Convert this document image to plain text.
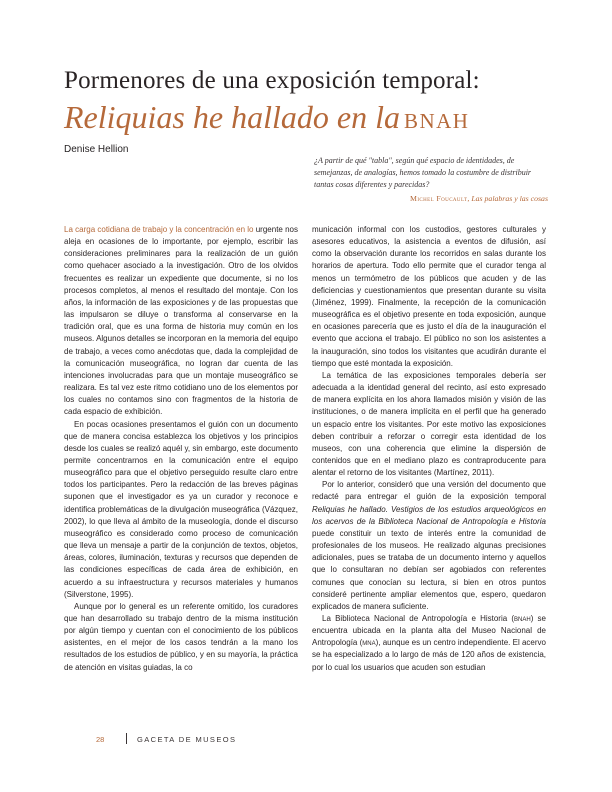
Pormenores de una exposición temporal:
Reliquias he hallado en la BNAH
Denise Hellion
¿A partir de qué "tabla", según qué espacio de identidades, de semejanzas, de analogías, hemos tomado la costumbre de distribuir tantas cosas diferentes y parecidas?
Michel Foucault, Las palabras y las cosas

La carga cotidiana de trabajo y la concentración en lo urgente nos aleja en ocasiones de lo importante, por ejemplo, escribir las consideraciones preliminares para la realización de un guión como quehacer asociado a la investigación. Otro de los olvidos frecuentes es realizar un expediente que documente, si no los procesos completos, al menos el resultado del montaje. Con los años, la información de las exposiciones y de las propuestas que las impulsaron se diluye o transforma al conservarse en la tradición oral, que es una forma de historia muy común en los museos. Algunos detalles se incorporan en la memoria del equipo de trabajo, a veces como anécdotas que, dada la complejidad de la comunicación museográfica, no logran dar cuenta de las intenciones involucradas para que un montaje museográfico se realizara. Es tal vez este ritmo cotidiano uno de los elementos por los cuales no contamos sino con fragmentos de la historia de cada espacio de exhibición.

En pocas ocasiones presentamos el guión con un documento que de manera concisa establezca los objetivos y los principios desde los cuales se realizó aquél y, sin embargo, este documento permite concentrarnos en la comunicación entre el equipo museográfico para que el objetivo perseguido resulte claro entre todos los participantes. Pero la redacción de las breves páginas suponen que el investigador es ya un curador y reconoce e identifica problemáticas de la divulgación museográfica (Vázquez, 2002), lo que lleva al ámbito de la museología, donde el discurso museográfico es considerado como proceso de comunicación que lleva un mensaje a partir de la conjunción de textos, objetos, áreas, colores, iluminación, texturas y recursos que dependen de las condiciones específicas de cada área de exhibición, en acuerdo a su infraestructura y recursos materiales y humanos (Silverstone, 1995).

Aunque por lo general es un referente omitido, los curadores que han desarrollado su trabajo dentro de la misma institución por algún tiempo y cuentan con el conocimiento de los públicos asistentes, en el mejor de los casos tendrán a la mano los resultados de los estudios de público, y en su mayoría, la práctica de atención en visitas guiadas, la co

municación informal con los custodios, gestores culturales y asesores educativos, la asistencia a eventos de difusión, así como la observación durante los recorridos en salas durante los horarios de apertura. Todo ello permite que el curador tenga al menos un termómetro de los públicos que acuden y de las deficiencias y cuestionamientos que presentan durante su visita (Jiménez, 1999). Finalmente, la recepción de la comunicación museográfica es el objetivo presente en toda exposición, aunque en ocasiones parecería que es justo el día de la inauguración el evento que acciona el trabajo. El público no son los asistentes a la inauguración, sino todos los visitantes que acudirán durante el tiempo que esté montada la exposición.

La temática de las exposiciones temporales debería ser adecuada a la identidad general del recinto, así esto expresado de manera explícita en los ahora llamados misión y visión de las instituciones, o de manera implícita en el perfil que ha generado un espacio entre los visitantes. Por este motivo las exposiciones deben contribuir a reforzar o corregir esta identidad de los museos, con una coherencia que elimine la dispersión de contenidos que en el mediano plazo es contraproducente para alentar el retorno de los visitantes (Martínez, 2011).

Por lo anterior, consideró que una versión del documento que redacté para entregar el guión de la exposición temporal Reliquias he hallado. Vestigios de los estudios arqueológicos en los acervos de la Biblioteca Nacional de Antropología e Historia puede constituir un texto de interés entre la comunidad de profesionales de los museos. He realizado algunas precisiones adicionales, pues se trataba de un documento interno y aquellos que lo consultaran no debían ser agobiados con referentes comunes que conocían su lectura, si bien en otros puntos consideré pertinente ampliar elementos que, espero, quedaron explicados de manera suficiente.

La Biblioteca Nacional de Antropología e Historia (bnah) se encuentra ubicada en la planta alta del Museo Nacional de Antropología (mna), aunque es un centro independiente. El acervo se ha especializado a lo largo de más de 120 años de existencia, por lo cual los usuarios que acuden son estudian

28	GACETA DE MUSEOS
